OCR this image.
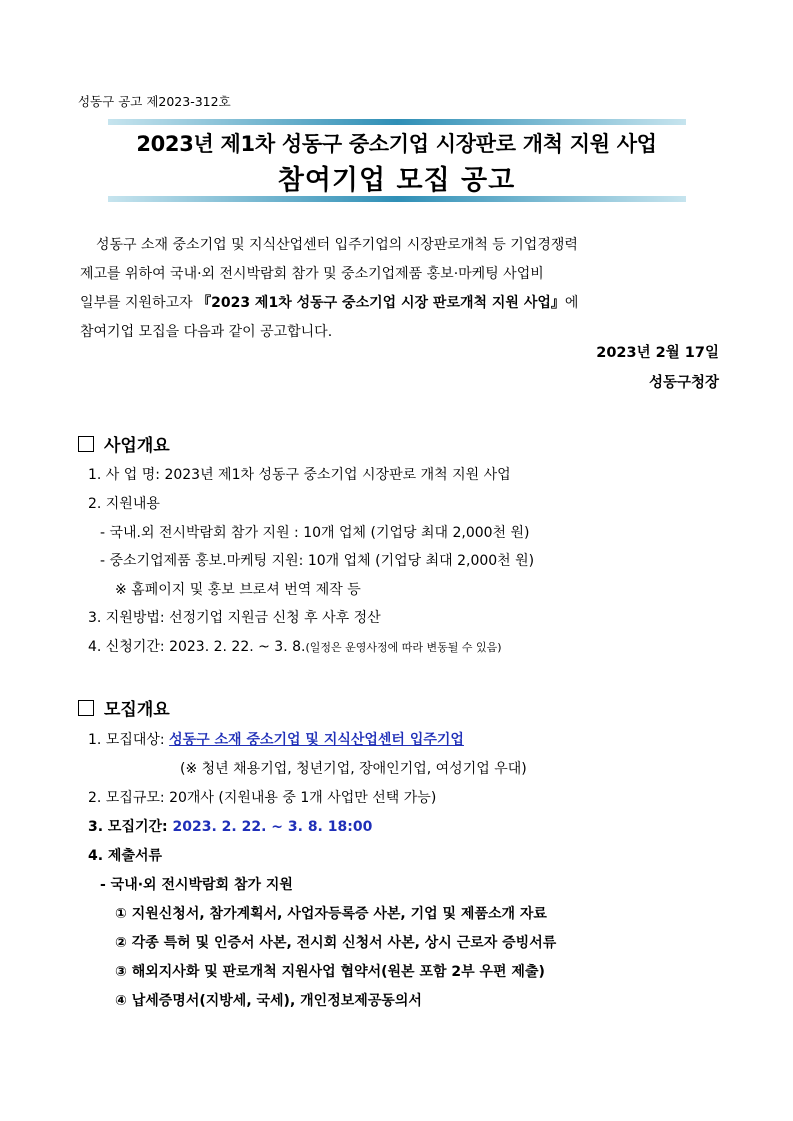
성동구 공고 제2023-312호
2023년 제1차 성동구 중소기업 시장판로 개척 지원 사업
참여기업 모집 공고
성동구 소재 중소기업 및 지식산업센터 입주기업의 시장판로개척 등 기업경쟁력
제고를 위하여 국내·외 전시박람회 참가 및 중소기업제품 홍보·마케팅 사업비
일부를 지원하고자 『2023 제1차 성동구 중소기업 시장 판로개척 지원 사업』에
참여기업 모집을 다음과 같이 공고합니다.
2023년 2월 17일
성동구청장
사업개요
1. 사 업 명: 2023년 제1차 성동구 중소기업 시장판로 개척 지원 사업
2. 지원내용
- 국내.외 전시박람회 참가 지원 : 10개 업체 (기업당 최대 2,000천 원)
- 중소기업제품 홍보.마케팅 지원: 10개 업체 (기업당 최대 2,000천 원)
※ 홈페이지 및 홍보 브로셔 번역 제작 등
3. 지원방법: 선정기업 지원금 신청 후 사후 정산
4. 신청기간: 2023. 2. 22. ~ 3. 8.(일정은 운영사정에 따라 변동될 수 있음)
모집개요
1. 모집대상: 성동구 소재 중소기업 및 지식산업센터 입주기업
(※ 청년 채용기업, 청년기업, 장애인기업, 여성기업 우대)
2. 모집규모: 20개사 (지원내용 중 1개 사업만 선택 가능)
3. 모집기간: 2023. 2. 22. ~ 3. 8. 18:00
4. 제출서류
- 국내·외 전시박람회 참가 지원
① 지원신청서, 참가계획서, 사업자등록증 사본, 기업 및 제품소개 자료
② 각종 특허 및 인증서 사본, 전시회 신청서 사본, 상시 근로자 증빙서류
③ 해외지사화 및 판로개척 지원사업 협약서(원본 포함 2부 우편 제출)
④ 납세증명서(지방세, 국세), 개인정보제공동의서
